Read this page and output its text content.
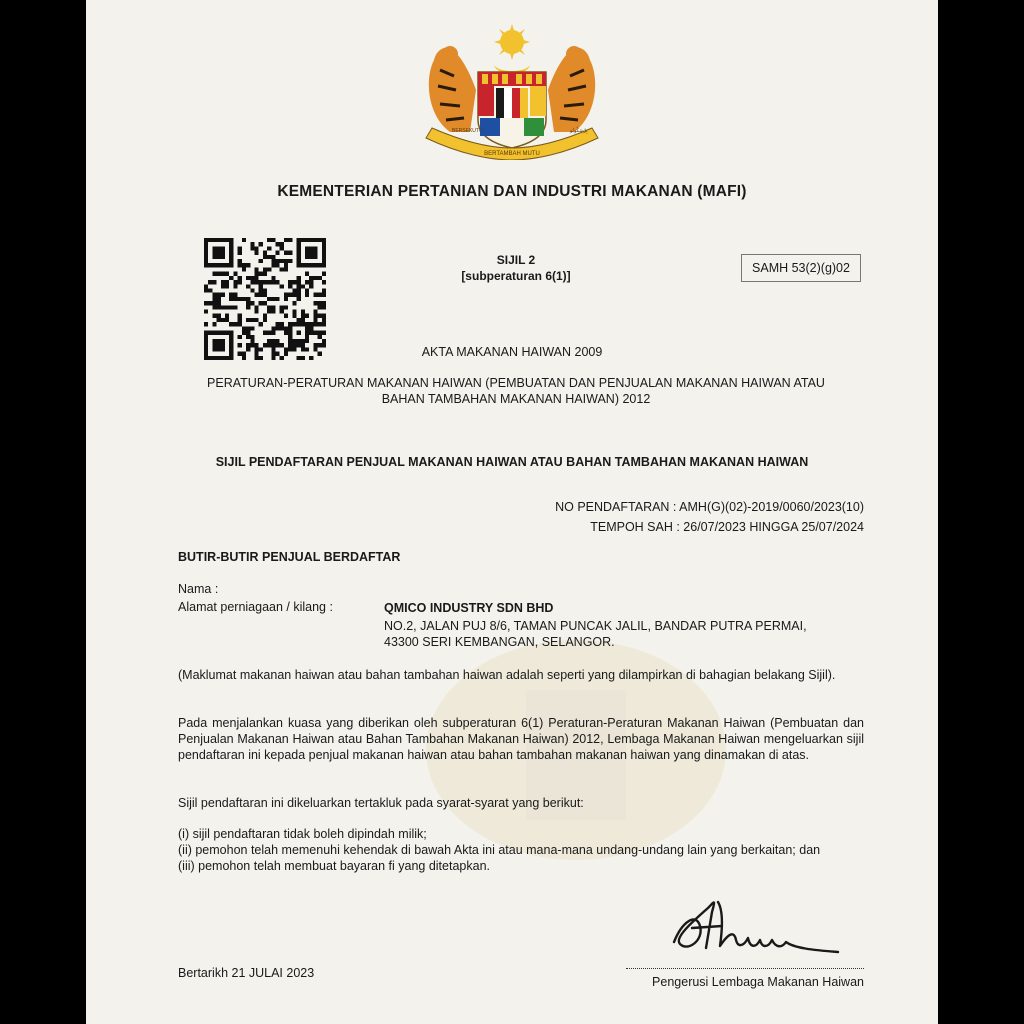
BERSEKUTU
BERTAMBAH MUTU
بِرْسَكُوتُو
KEMENTERIAN PERTANIAN DAN INDUSTRI MAKANAN (MAFI)
SIJIL 2
[subperaturan 6(1)]
SAMH 53(2)(g)02
AKTA MAKANAN HAIWAN 2009
PERATURAN-PERATURAN MAKANAN HAIWAN (PEMBUATAN DAN PENJUALAN MAKANAN HAIWAN ATAU
BAHAN TAMBAHAN MAKANAN HAIWAN) 2012
SIJIL PENDAFTARAN PENJUAL MAKANAN HAIWAN ATAU BAHAN TAMBAHAN MAKANAN HAIWAN
NO PENDAFTARAN : AMH(G)(02)-2019/0060/2023(10)
TEMPOH SAH : 26/07/2023 HINGGA 25/07/2024
BUTIR-BUTIR PENJUAL BERDAFTAR
Nama :
Alamat perniagaan / kilang :	QMICO INDUSTRY SDN BHD
NO.2, JALAN PUJ 8/6, TAMAN PUNCAK JALIL, BANDAR PUTRA PERMAI,
43300 SERI KEMBANGAN, SELANGOR.
(Maklumat makanan haiwan atau bahan tambahan haiwan adalah seperti yang dilampirkan di bahagian belakang Sijil).
Pada menjalankan kuasa yang diberikan oleh subperaturan 6(1) Peraturan-Peraturan Makanan Haiwan (Pembuatan dan Penjualan Makanan Haiwan atau Bahan Tambahan Makanan Haiwan) 2012, Lembaga Makanan Haiwan mengeluarkan sijil pendaftaran ini kepada penjual makanan haiwan atau bahan tambahan makanan haiwan yang dinamakan di atas.
Sijil pendaftaran ini dikeluarkan tertakluk pada syarat-syarat yang berikut:
(i) sijil pendaftaran tidak boleh dipindah milik;
(ii) pemohon telah memenuhi kehendak di bawah Akta ini atau mana-mana undang-undang lain yang berkaitan; dan
(iii) pemohon telah membuat bayaran fi yang ditetapkan.
Bertarikh 21 JULAI 2023
Pengerusi Lembaga Makanan Haiwan
